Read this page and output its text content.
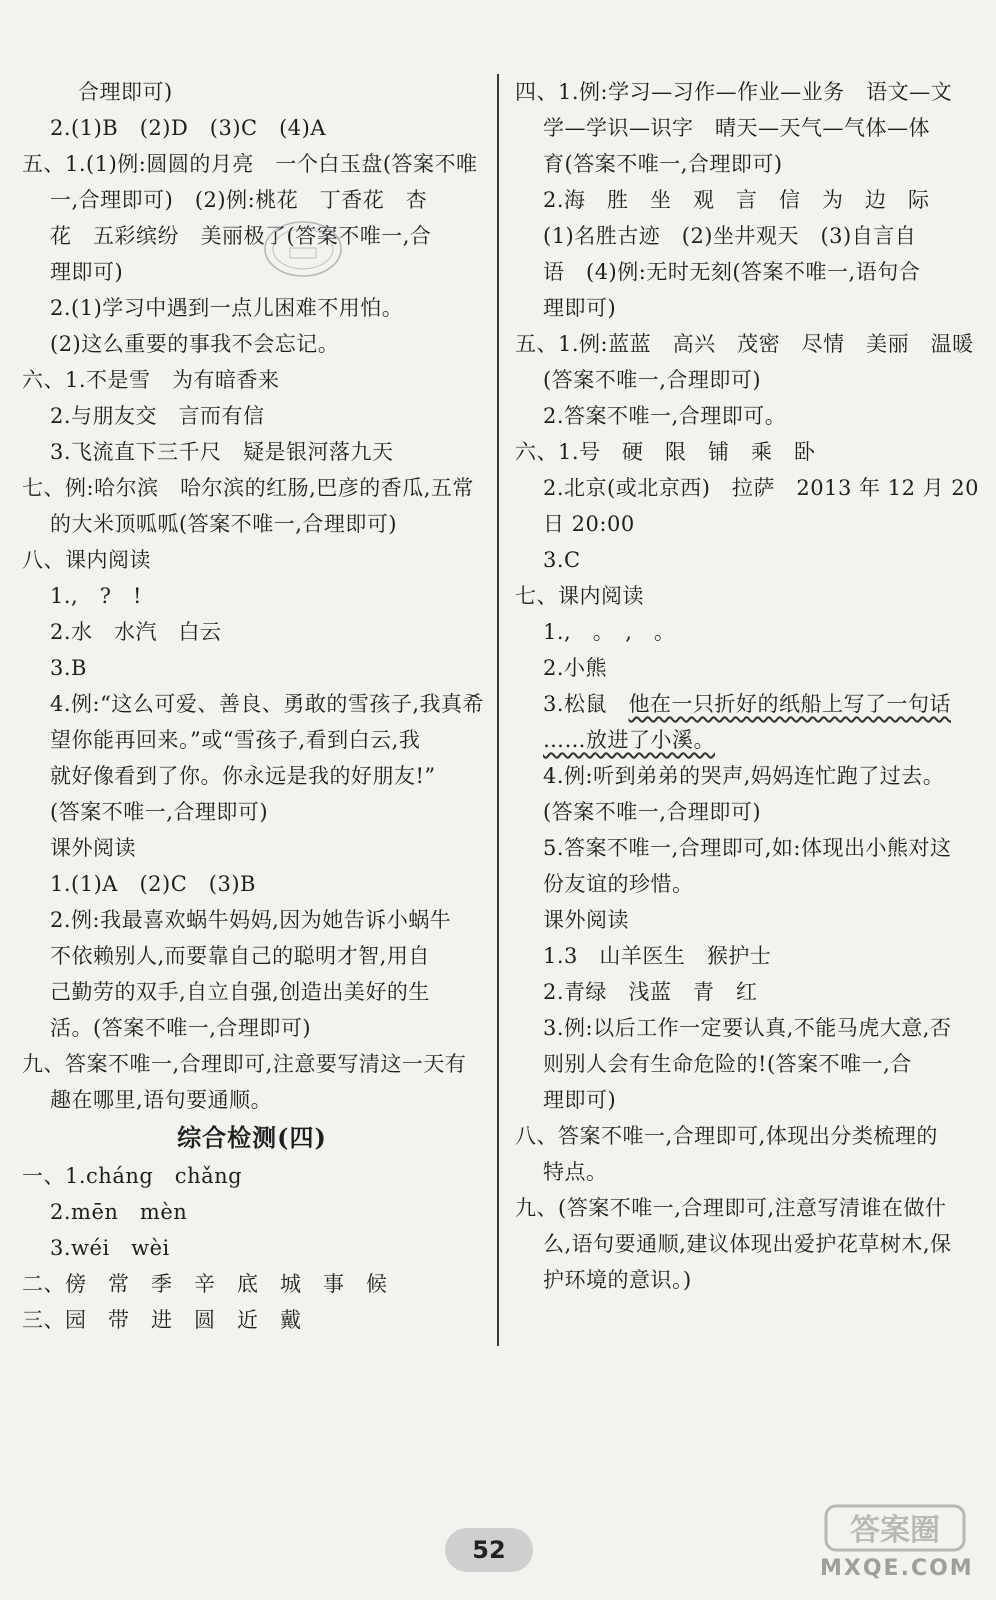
合理即可)
2.(1)B　(2)D　(3)C　(4)A
五、1.(1)例:圆圆的月亮　一个白玉盘(答案不唯
一,合理即可)　(2)例:桃花　丁香花　杏
花　五彩缤纷　美丽极了(答案不唯一,合
理即可)
2.(1)学习中遇到一点儿困难不用怕。
(2)这么重要的事我不会忘记。
六、1.不是雪　为有暗香来
2.与朋友交　言而有信
3.飞流直下三千尺　疑是银河落九天
七、例:哈尔滨　哈尔滨的红肠,巴彦的香瓜,五常
的大米顶呱呱(答案不唯一,合理即可)
八、课内阅读
1.,　?　!
2.水　水汽　白云
3.B
4.例:“这么可爱、善良、勇敢的雪孩子,我真希
望你能再回来。”或“雪孩子,看到白云,我
就好像看到了你。你永远是我的好朋友!”
(答案不唯一,合理即可)
课外阅读
1.(1)A　(2)C　(3)B
2.例:我最喜欢蜗牛妈妈,因为她告诉小蜗牛
不依赖别人,而要靠自己的聪明才智,用自
己勤劳的双手,自立自强,创造出美好的生
活。(答案不唯一,合理即可)
九、答案不唯一,合理即可,注意要写清这一天有
趣在哪里,语句要通顺。
综合检测(四)
一、1.cháng　chǎng
2.mēn　mèn
3.wéi　wèi
二、傍　常　季　辛　底　城　事　候
三、园　带　进　圆　近　戴
四、1.例:学习—习作—作业—业务　语文—文
学—学识—识字　晴天—天气—气体—体
育(答案不唯一,合理即可)
2.海　胜　坐　观　言　信　为　边　际
(1)名胜古迹　(2)坐井观天　(3)自言自
语　(4)例:无时无刻(答案不唯一,语句合
理即可)
五、1.例:蓝蓝　高兴　茂密　尽情　美丽　温暖
(答案不唯一,合理即可)
2.答案不唯一,合理即可。
六、1.号　硬　限　铺　乘　卧
2.北京(或北京西)　拉萨　2013 年 12 月 20
日 20:00
3.C
七、课内阅读
1.,　。　,　。
2.小熊
3.松鼠　 他在一只折好的纸船上写了一句话
……放进了小溪。
4.例:听到弟弟的哭声,妈妈连忙跑了过去。
(答案不唯一,合理即可)
5.答案不唯一,合理即可,如:体现出小熊对这
份友谊的珍惜。
课外阅读
1.3　山羊医生　猴护士
2.青绿　浅蓝　青　红
3.例:以后工作一定要认真,不能马虎大意,否
则别人会有生命危险的!(答案不唯一,合
理即可)
八、答案不唯一,合理即可,体现出分类梳理的
特点。
九、(答案不唯一,合理即可,注意写清谁在做什
么,语句要通顺,建议体现出爱护花草树木,保
护环境的意识。)
52
答案圈
MXQE.COM
